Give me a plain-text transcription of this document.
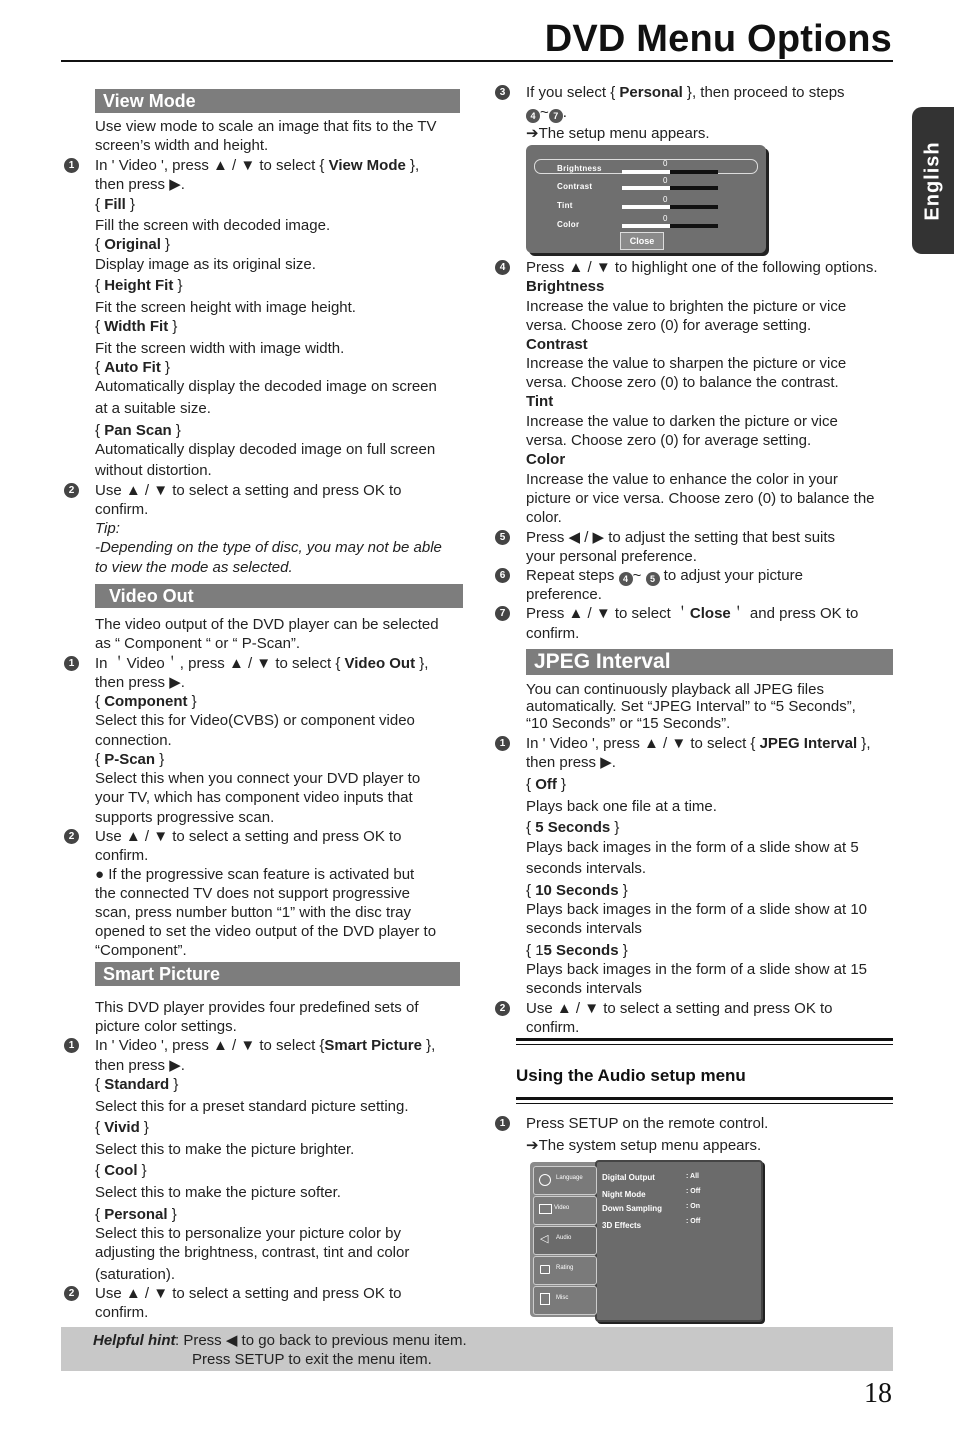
DVD Menu Options
English
View Mode
Use view mode to scale an image that fits to the TV
screen’s width and height.
1	In ' Video ', press ▲ / ▼ to select { View Mode },
then press ▶.
{ Fill }
Fill the screen with decoded image.
{ Original }
Display image as its original size.
{ Height Fit }
Fit the screen height with image height.
{ Width Fit }
Fit the screen width with image width.
{ Auto Fit }
Automatically display the decoded image on screen
at a suitable size.
{ Pan Scan }
Automatically display decoded image on full screen
without distortion.
2	Use ▲ / ▼ to select a setting and press OK to
confirm.
Tip:
-Depending on the type of disc, you may not be able
to view the mode as selected.
Video Out
The video output of the DVD player can be selected
as “ Component “ or “ P-Scan”.
1	In ＇Video＇, press ▲ / ▼ to select { Video Out },
then press ▶.
{ Component }
Select this for Video(CVBS) or component video
connection.
{ P-Scan }
Select this when you connect your DVD player to
your TV, which has component video inputs that
supports progressive scan.
2	Use ▲ / ▼ to select a setting and press OK to
confirm.
● If the progressive scan feature is activated but
the connected TV does not support progressive
scan, press number button “1” with the disc tray
opened to set the video output of the DVD player to
“Component”.
Smart Picture
This DVD player provides four predefined sets of
picture color settings.
1	In ' Video ', press ▲ / ▼ to select {Smart Picture },
then press ▶.
{ Standard }
Select this for a preset standard picture setting.
{ Vivid }
Select this to make the picture brighter.
{ Cool }
Select this to make the picture softer.
{ Personal }
Select this to personalize your picture color by
adjusting the brightness, contrast, tint and color
(saturation).
2	Use ▲ / ▼ to select a setting and press OK to
confirm.
3	If you select { Personal }, then proceed to steps
4 ~ 7 .
➔The setup menu appears.
Brightness
0
Contrast
0
Tint
0
Color
0
Close
4	Press ▲ / ▼ to highlight one of the following options.
Brightness
Increase the value to brighten the picture or vice
versa. Choose zero (0) for average setting.
Contrast
Increase the value to sharpen the picture or vice
versa. Choose zero (0) to balance the contrast.
Tint
Increase the value to darken the picture or vice
versa. Choose zero (0) for average setting.
Color
Increase the value to enhance the color in your
picture or vice versa. Choose zero (0) to balance the
color.
5	Press ◀ / ▶ to adjust the setting that best suits
your personal preference.
6	Repeat steps 4 ~ 5 to adjust your picture
preference.
7	Press ▲ / ▼ to select ＇Close＇ and press OK to
confirm.
JPEG Interval
You can continuously playback all JPEG files
automatically. Set “JPEG Interval” to “5 Seconds”,
“10 Seconds” or “15 Seconds”.
1	In ' Video ', press ▲ / ▼ to select { JPEG Interval },
then press ▶.
{ Off }
Plays back one file at a time.
{ 5 Seconds }
Plays back images in the form of a slide show at 5
seconds intervals.
{ 10 Seconds }
Plays back images in the form of a slide show at 10
seconds intervals
{ 15 Seconds }
Plays back images in the form of a slide show at 15
seconds intervals
2	Use ▲ / ▼ to select a setting and press OK to
confirm.
Using the Audio setup menu
1	Press SETUP on the remote control.
➔The system setup menu appears.
Language
Video
◁ Audio
Rating
Misc
Digital Output	: All
Night Mode	: Off
Down Sampling	: On
3D Effects	: Off
Helpful hint : Press ◀ to go back to previous menu item.
Press SETUP to exit the menu item.
18
